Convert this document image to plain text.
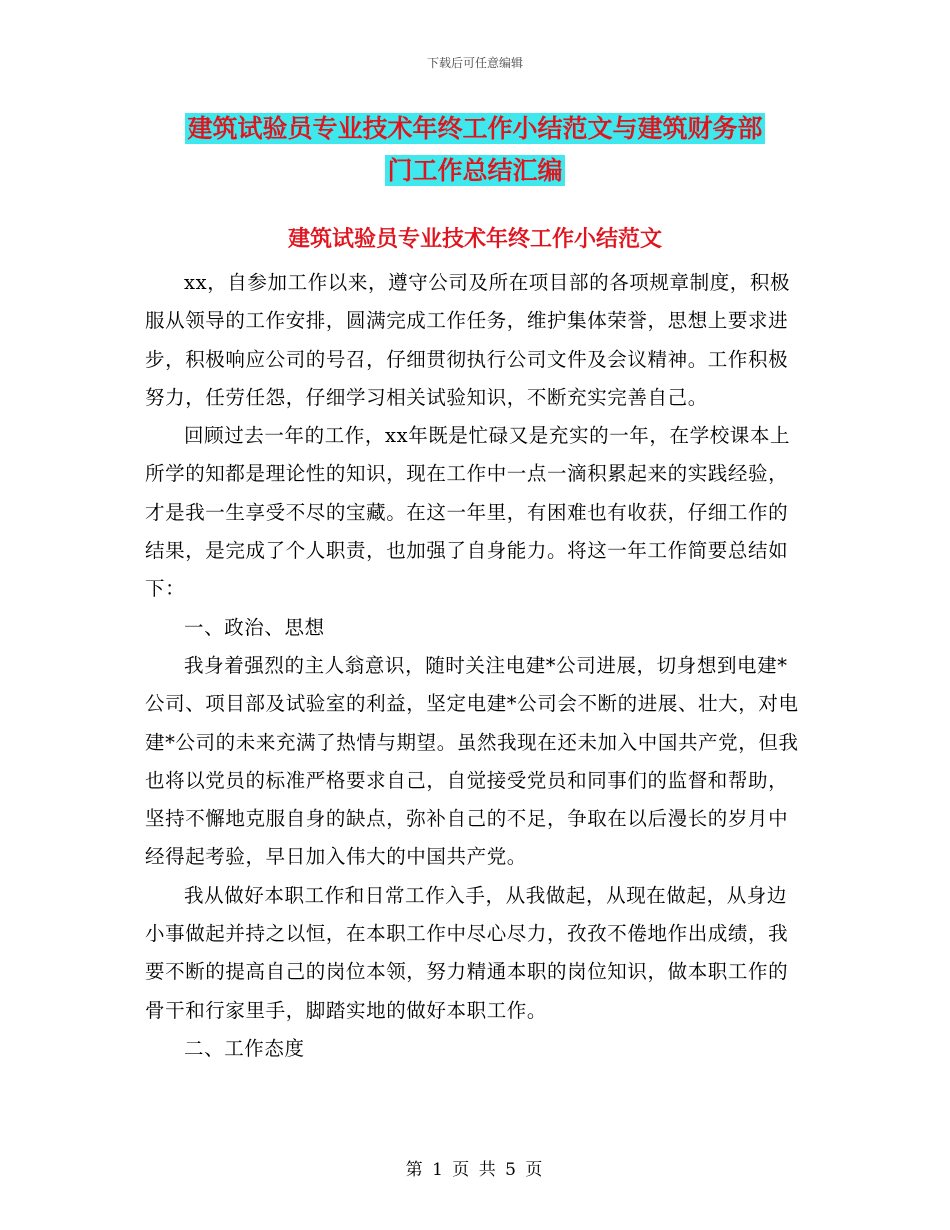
下载后可任意编辑
建筑试验员专业技术年终工作小结范文与建筑财务部
门工作总结汇编
建筑试验员专业技术年终工作小结范文

xx，自参加工作以来，遵守公司及所在项目部的各项规章制度，积极服从领导的工作安排，圆满完成工作任务，维护集体荣誉，思想上要求进步，积极响应公司的号召，仔细贯彻执行公司文件及会议精神。工作积极努力，任劳任怨，仔细学习相关试验知识，不断充实完善自己。

回顾过去一年的工作，xx年既是忙碌又是充实的一年，在学校课本上所学的知都是理论性的知识，现在工作中一点一滴积累起来的实践经验，才是我一生享受不尽的宝藏。在这一年里，有困难也有收获，仔细工作的结果，是完成了个人职责，也加强了自身能力。将这一年工作简要总结如下：

一、政治、思想

我身着强烈的主人翁意识，随时关注电建*公司进展，切身想到电建*公司、项目部及试验室的利益，坚定电建*公司会不断的进展、壮大，对电建*公司的未来充满了热情与期望。虽然我现在还未加入中国共产党，但我也将以党员的标准严格要求自己，自觉接受党员和同事们的监督和帮助，坚持不懈地克服自身的缺点，弥补自己的不足，争取在以后漫长的岁月中经得起考验，早日加入伟大的中国共产党。

我从做好本职工作和日常工作入手，从我做起，从现在做起，从身边小事做起并持之以恒，在本职工作中尽心尽力，孜孜不倦地作出成绩，我要不断的提高自己的岗位本领，努力精通本职的岗位知识，做本职工作的骨干和行家里手，脚踏实地的做好本职工作。

二、工作态度

第 1 页 共 5 页
